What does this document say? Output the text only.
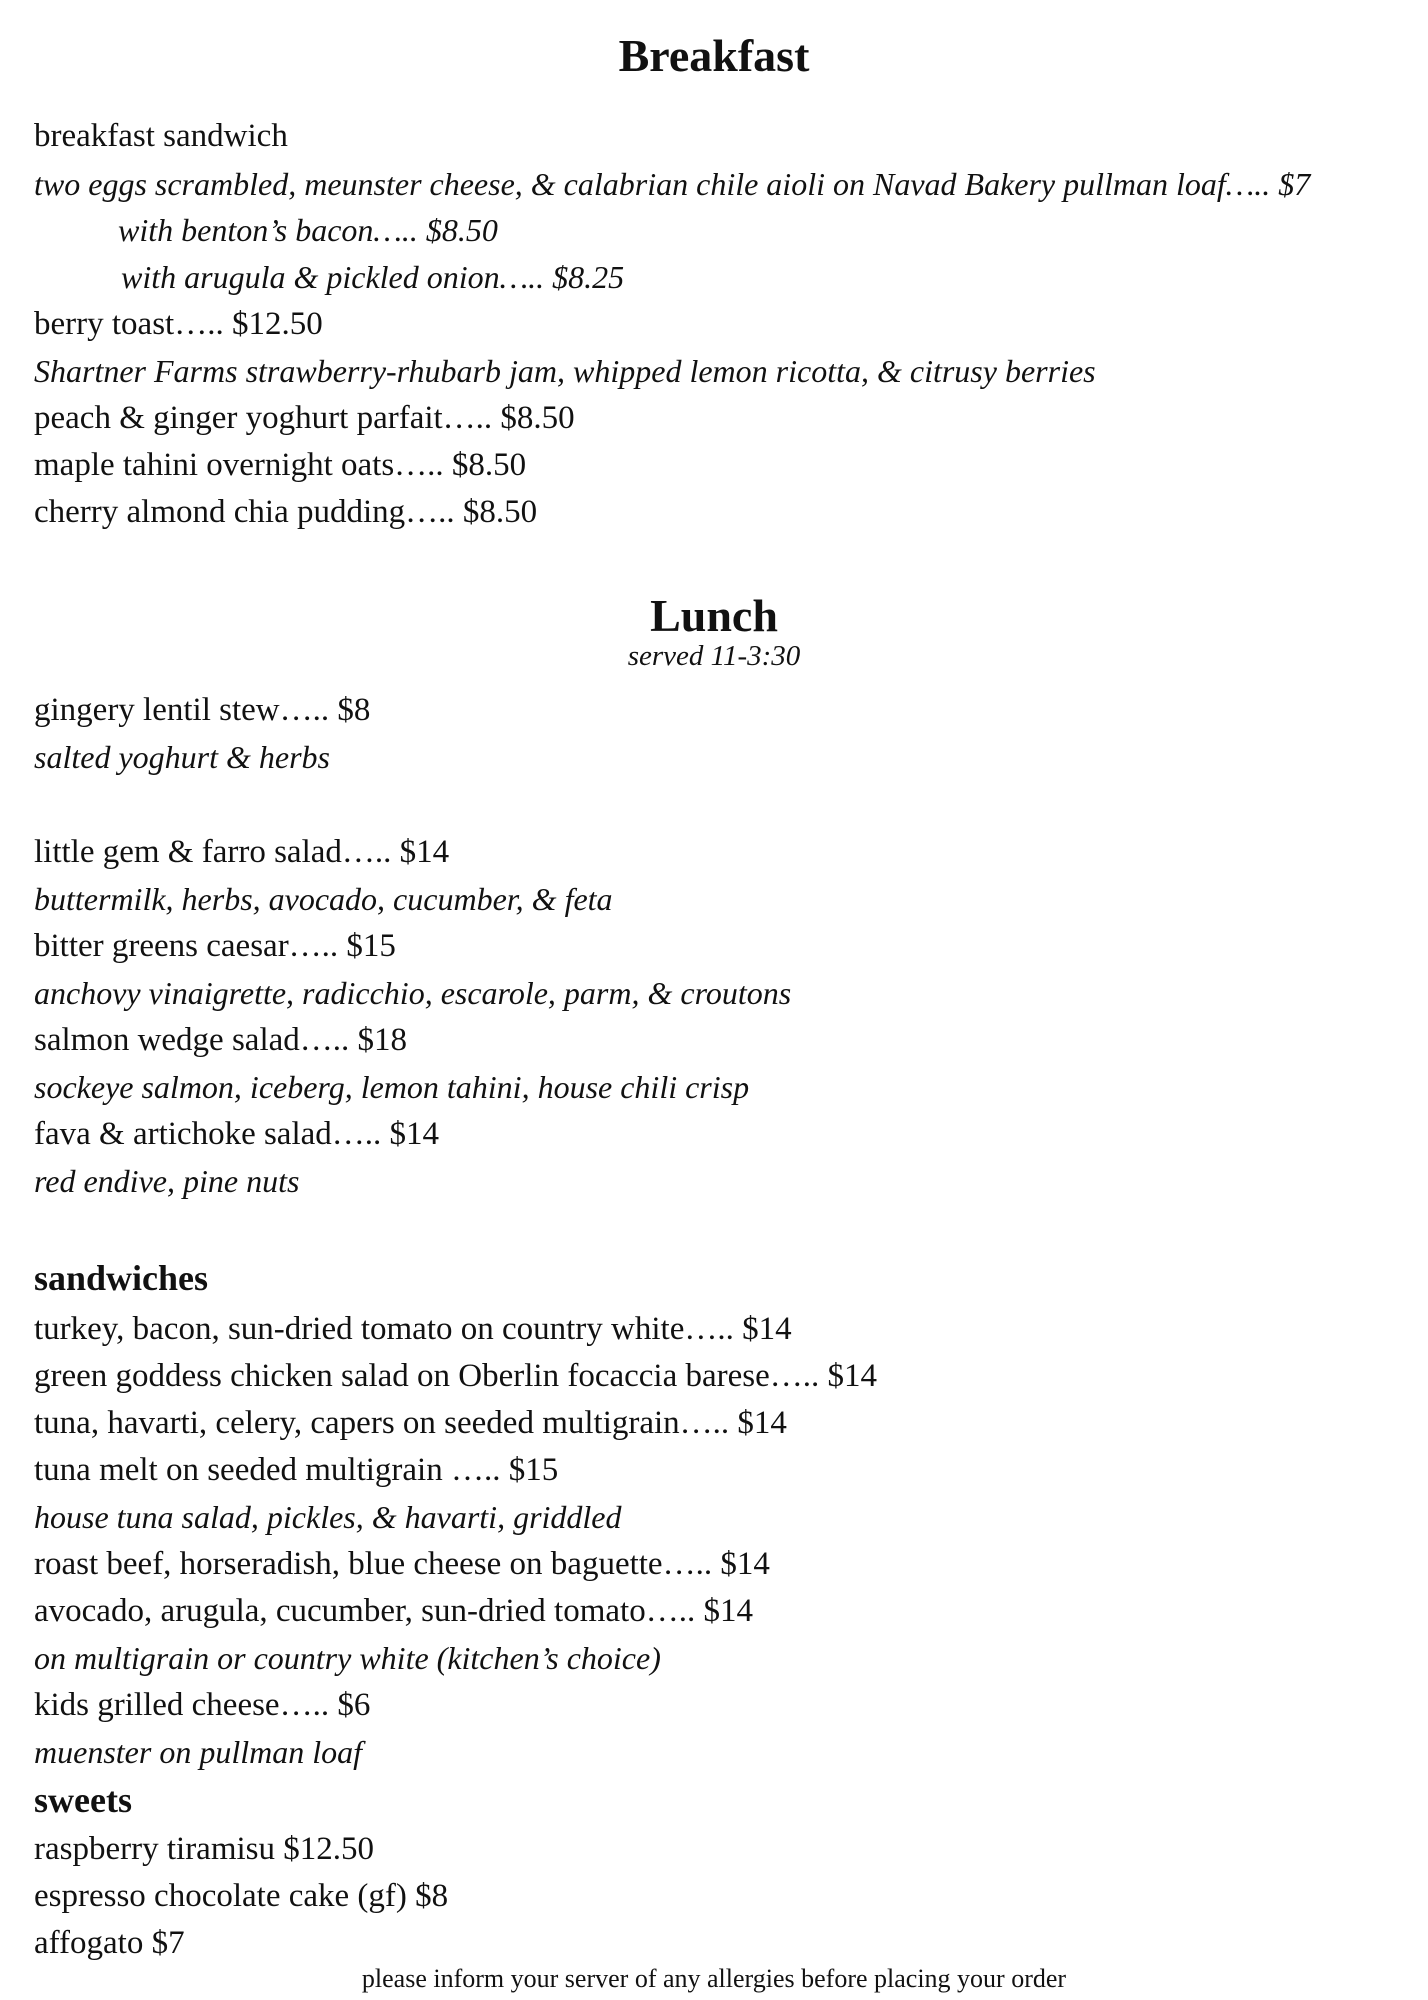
Breakfast
breakfast sandwich
two eggs scrambled, meunster cheese, & calabrian chile aioli on Navad Bakery pullman loaf….. $7
with benton’s bacon….. $8.50
with arugula & pickled onion….. $8.25
berry toast….. $12.50
Shartner Farms strawberry-rhubarb jam, whipped lemon ricotta, & citrusy berries
peach & ginger yoghurt parfait….. $8.50
maple tahini overnight oats….. $8.50
cherry almond chia pudding….. $8.50
Lunch
served 11-3:30
gingery lentil stew….. $8
salted yoghurt & herbs
little gem & farro salad….. $14
buttermilk, herbs, avocado, cucumber, & feta
bitter greens caesar….. $15
anchovy vinaigrette, radicchio, escarole, parm, & croutons
salmon wedge salad….. $18
sockeye salmon, iceberg, lemon tahini, house chili crisp
fava & artichoke salad….. $14
red endive, pine nuts
sandwiches
turkey, bacon, sun-dried tomato on country white….. $14
green goddess chicken salad on Oberlin focaccia barese….. $14
tuna, havarti, celery, capers on seeded multigrain….. $14
tuna melt on seeded multigrain ….. $15
house tuna salad, pickles, & havarti, griddled
roast beef, horseradish, blue cheese on baguette….. $14
avocado, arugula, cucumber, sun-dried tomato….. $14
on multigrain or country white (kitchen’s choice)
kids grilled cheese….. $6
muenster on pullman loaf
sweets
raspberry tiramisu $12.50
espresso chocolate cake (gf) $8
affogato $7
please inform your server of any allergies before placing your order
